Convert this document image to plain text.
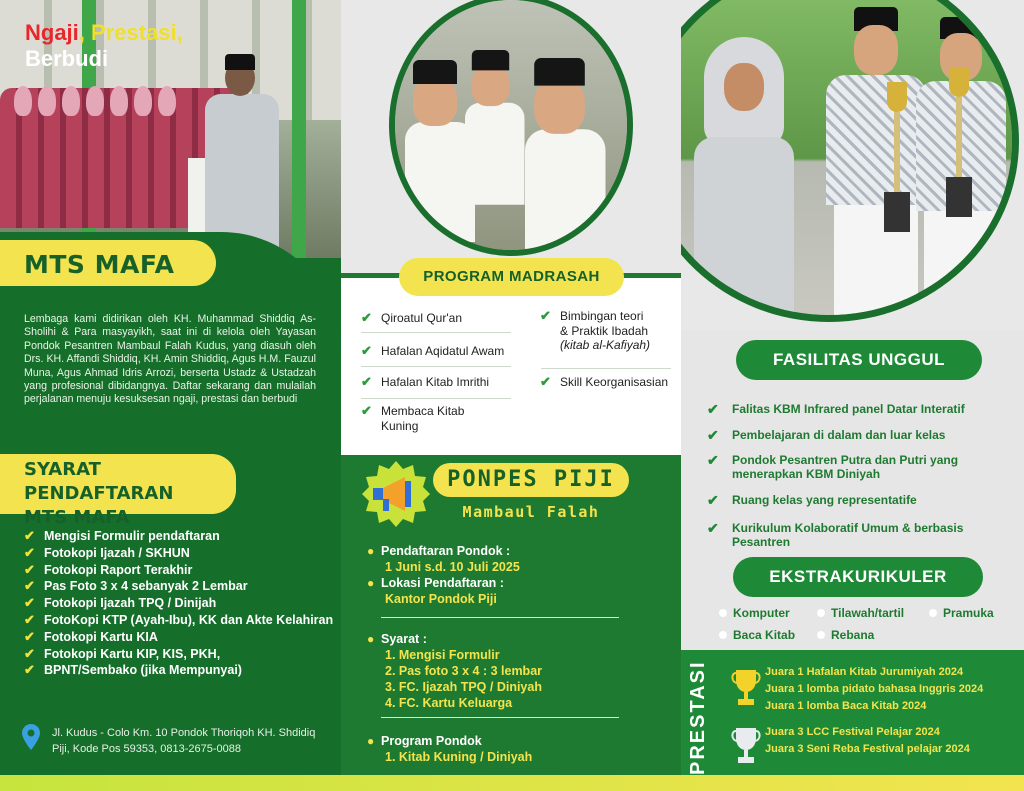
Ngaji, Prestasi,
Berbudi
MTS MAFA

Lembaga kami didirikan oleh KH. Muhammad Shiddiq As-Sholihi & Para masyayikh, saat ini di kelola oleh Yayasan Pondok Pesantren Mambaul Falah Kudus, yang diasuh oleh Drs. KH. Affandi Shiddiq, KH. Amin Shiddiq, Agus H.M. Fauzul Muna, Agus Ahmad Idris Arrozi, berserta Ustadz & Ustadzah yang profesional dibidangnya. Daftar sekarang dan mulailah perjalanan menuju kesuksesan ngaji, prestasi dan berbudi

SYARAT PENDAFTARAN
MTS MAFA
✔ Mengisi Formulir pendaftaran
✔ Fotokopi Ijazah / SKHUN
✔ Fotokopi Raport Terakhir
✔ Pas Foto 3 x 4 sebanyak 2 Lembar
✔ Fotokopi Ijazah TPQ / Dinijah
✔ FotoKopi KTP (Ayah-Ibu), KK dan Akte Kelahiran
✔ Fotokopi Kartu KIA
✔ Fotokopi Kartu KIP, KIS, PKH,
✔ BPNT/Sembako (jika Mempunyai)
Jl. Kudus - Colo Km. 10 Pondok Thoriqoh KH. Shdidiq
Piji, Kode Pos 59353, 0813-2675-0088
✔ Qiroatul Qur'an
✔ Hafalan Aqidatul Awam
✔ Hafalan Kitab Imrithi
✔ Membaca Kitab Kuning
✔ Bimbingan teori
& Praktik Ibadah
(kitab al-Kafiyah)
✔ Skill Keorganisasian
PROGRAM MADRASAH
PONPES PIJI
Mambaul Falah
● Pendaftaran Pondok :
1 Juni s.d. 10 Juli 2025
● Lokasi Pendaftaran :
Kantor Pondok Piji
● Syarat :
1. Mengisi Formulir
2. Pas foto 3 x 4 : 3 lembar
3. FC. Ijazah TPQ / Diniyah
4. FC. Kartu Keluarga
● Program Pondok
1. Kitab Kuning / Diniyah
FASILITAS UNGGUL
✔ Falitas KBM Infrared panel Datar Interatif
✔ Pembelajaran di dalam dan luar kelas
✔ Pondok Pesantren Putra dan Putri yang menerapkan KBM Diniyah
✔ Ruang kelas yang representatife
✔ Kurikulum Kolaboratif Umum & berbasis Pesantren
EKSTRAKURIKULER
Komputer	Tilawah/tartil	Pramuka
Baca Kitab	Rebana
PRESTASI	Juara 1 Hafalan Kitab Jurumiyah 2024
Juara 1 lomba pidato bahasa Inggris 2024
Juara 1 lomba Baca Kitab 2024
Juara 3 LCC Festival Pelajar 2024
Juara 3 Seni Reba Festival pelajar 2024
